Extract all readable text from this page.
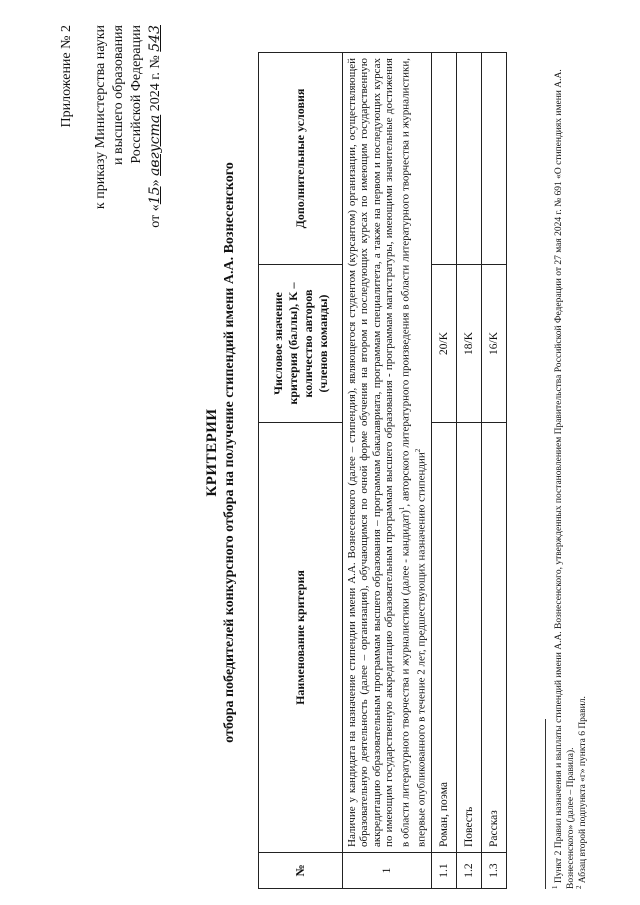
Приложение № 2 к приказу Министерства науки и высшего образования Российской Федерации
от «15» августа 2024 г. № 543
КРИТЕРИИ отбора победителей конкурсного отбора на получение стипендий имени А.А. Вознесенского
№	Наименование критерия	Числовое значение критерия (баллы), K – количество авторов (членов команды)	Дополнительные условия
1	Наличие у кандидата на назначение стипендии имени А.А. Вознесенского (далее – стипендия), являющегося студентом (курсантом) организации, осуществляющей образовательную деятельность (далее – организация), обучающимся по очной форме обучения на втором и последующих курсах по имеющим государственную аккредитацию образовательным программам высшего образования – программам бакалавриата, программам специалитета, а также на первом и последующих курсах по имеющим государственную аккредитацию образовательным программам высшего образования - программам магистратуры, имеющими значительные достижения в области литературного творчества и журналистики (далее - кандидат)$^1$, авторского литературного произведения в области литературного творчества и журналистики, впервые опубликованного в течение 2 лет, предшествующих назначению стипендии$^2$
1.1	Роман, поэма	20/K	
1.2	Повесть	18/K	
1.3	Рассказ	16/K	
$^1$ Пункт 2 Правил назначения и выплаты стипендий имени А.А. Вознесенского, утвержденных постановлением Правительства Российской Федерации от 27 мая 2024 г. № 691 «О стипендиях имени А.А. Вознесенского» (далее – Правила).
$^2$ Абзац второй подпункта «г» пункта 6 Правил.
